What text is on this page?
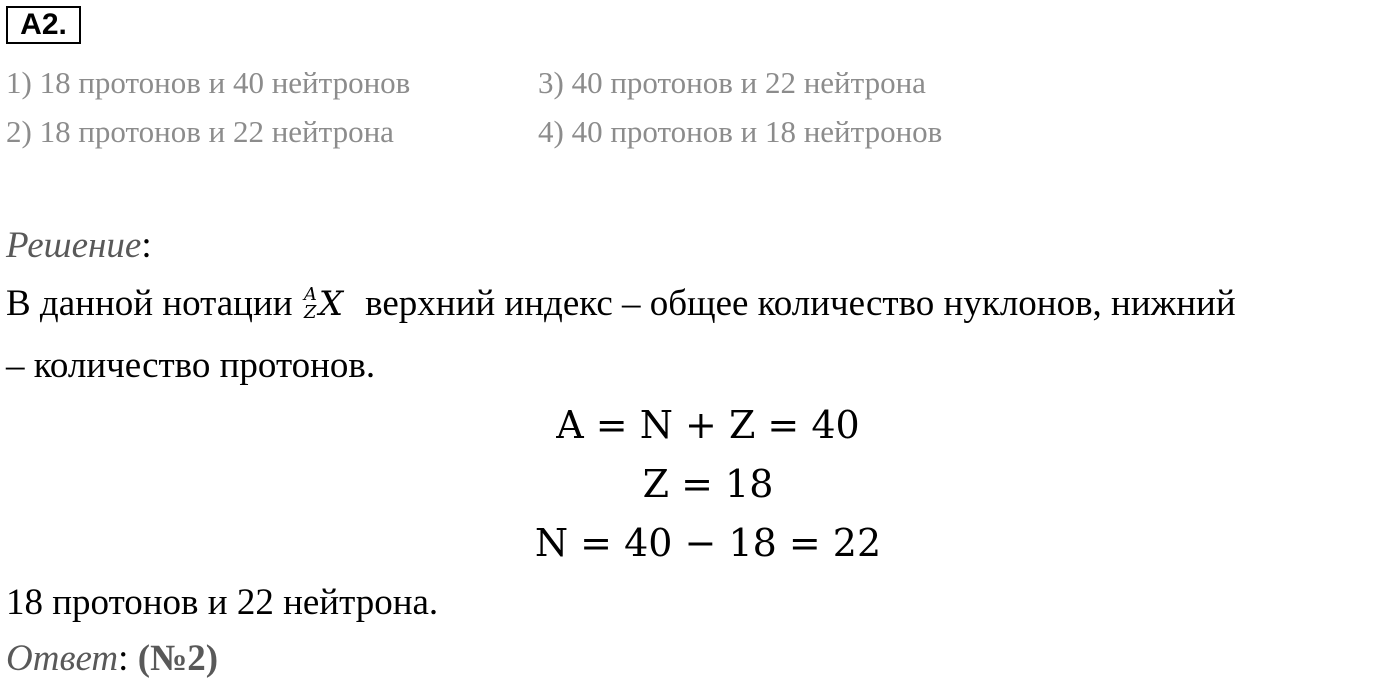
А2.
1) 18 протонов и 40 нейтронов
2) 18 протонов и 22 нейтрона
3) 40 протонов и 22 нейтрона
4) 40 протонов и 18 нейтронов
Решение:
В данной нотации A
Z X верхний индекс – общее количество нуклонов, нижний
– количество протонов.
A = N + Z = 40
Z = 18
N = 40 − 18 = 22
18 протонов и 22 нейтрона.
Ответ: (№2)
